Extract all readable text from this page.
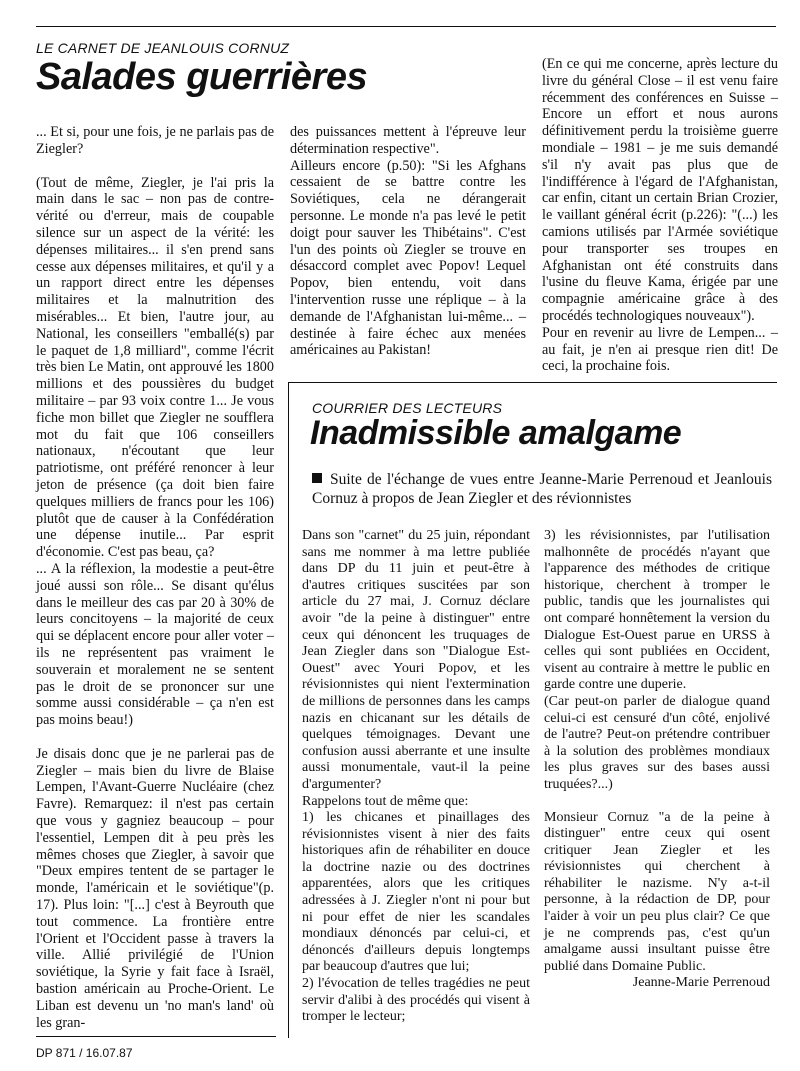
LE CARNET DE JEANLOUIS CORNUZ
Salades guerrières

... Et si, pour une fois, je ne parlais pas de Ziegler?

(Tout de même, Ziegler, je l'ai pris la main dans le sac – non pas de contre-vérité ou d'erreur, mais de coupable silence sur un aspect de la vérité: les dépenses militaires... il s'en prend sans cesse aux dépenses militaires, et qu'il y a un rapport direct entre les dépenses militaires et la malnutrition des misérables... Et bien, l'autre jour, au National, les conseillers "emballé(s) par le paquet de 1,8 milliard", comme l'écrit très bien Le Matin, ont approuvé les 1800 millions et des poussières du budget militaire – par 93 voix contre 1... Je vous fiche mon billet que Ziegler ne soufflera mot du fait que 106 conseillers nationaux, n'écoutant que leur patriotisme, ont préféré renoncer à leur jeton de présence (ça doit bien faire quelques milliers de francs pour les 106) plutôt que de causer à la Confédération une dépense inutile... Par esprit d'économie. C'est pas beau, ça?

... A la réflexion, la modestie a peut-être joué aussi son rôle... Se disant qu'élus dans le meilleur des cas par 20 à 30% de leurs concitoyens – la majorité de ceux qui se déplacent encore pour aller voter – ils ne représentent pas vraiment le souverain et moralement ne se sentent pas le droit de se prononcer sur une somme aussi considérable – ça n'en est pas moins beau!)

Je disais donc que je ne parlerai pas de Ziegler – mais bien du livre de Blaise Lempen, l'Avant-Guerre Nucléaire (chez Favre). Remarquez: il n'est pas certain que vous y gagniez beaucoup – pour l'essentiel, Lempen dit à peu près les mêmes choses que Ziegler, à savoir que "Deux empires tentent de se partager le monde, l'américain et le soviétique"(p. 17). Plus loin: "[...] c'est à Beyrouth que tout commence. La frontière entre l'Orient et l'Occident passe à travers la ville. Allié privilégié de l'Union soviétique, la Syrie y fait face à Israël, bastion américain au Proche-Orient. Le Liban est devenu un 'no man's land' où les gran-

des puissances mettent à l'épreuve leur détermination respective".

Ailleurs encore (p.50): "Si les Afghans cessaient de se battre contre les Soviétiques, cela ne dérangerait personne. Le monde n'a pas levé le petit doigt pour sauver les Thibétains". C'est l'un des points où Ziegler se trouve en désaccord complet avec Popov! Lequel Popov, bien entendu, voit dans l'intervention russe une réplique – à la demande de l'Afghanistan lui-même... – destinée à faire échec aux menées américaines au Pakistan!

(En ce qui me concerne, après lecture du livre du général Close – il est venu faire récemment des conférences en Suisse – Encore un effort et nous aurons définitivement perdu la troisième guerre mondiale – 1981 – je me suis demandé s'il n'y avait pas plus que de l'indifférence à l'égard de l'Afghanistan, car enfin, citant un certain Brian Crozier, le vaillant général écrit (p.226): "(...) les camions utilisés par l'Armée soviétique pour transporter ses troupes en Afghanistan ont été construits dans l'usine du fleuve Kama, érigée par une compagnie américaine grâce à des procédés technologiques nouveaux").

Pour en revenir au livre de Lempen... – au fait, je n'en ai presque rien dit! De ceci, la prochaine fois.

COURRIER DES LECTEURS
Inadmissible amalgame
Suite de l'échange de vues entre Jeanne-Marie Perrenoud et Jeanlouis Cornuz à propos de Jean Ziegler et des révionnistes

Dans son "carnet" du 25 juin, répondant sans me nommer à ma lettre publiée dans DP du 11 juin et peut-être à d'autres critiques suscitées par son article du 27 mai, J. Cornuz déclare avoir "de la peine à distinguer" entre ceux qui dénoncent les truquages de Jean Ziegler dans son "Dialogue Est-Ouest" avec Youri Popov, et les révisionnistes qui nient l'extermination de millions de personnes dans les camps nazis en chicanant sur les détails de quelques témoignages. Devant une confusion aussi aberrante et une insulte aussi monumentale, vaut-il la peine d'argumenter?

Rappelons tout de même que:

1) les chicanes et pinaillages des révisionnistes visent à nier des faits historiques afin de réhabiliter en douce la doctrine nazie ou des doctrines apparentées, alors que les critiques adressées à J. Ziegler n'ont ni pour but ni pour effet de nier les scandales mondiaux dénoncés par celui-ci, et dénoncés d'ailleurs depuis longtemps par beaucoup d'autres que lui;

2) l'évocation de telles tragédies ne peut servir d'alibi à des procédés qui visent à tromper le lecteur;

3) les révisionnistes, par l'utilisation malhonnête de procédés n'ayant que l'apparence des méthodes de critique historique, cherchent à tromper le public, tandis que les journalistes qui ont comparé honnêtement la version du Dialogue Est-Ouest parue en URSS à celles qui sont publiées en Occident, visent au contraire à mettre le public en garde contre une duperie.

(Car peut-on parler de dialogue quand celui-ci est censuré d'un côté, enjolivé de l'autre? Peut-on prétendre contribuer à la solution des problèmes mondiaux les plus graves sur des bases aussi truquées?...)

Monsieur Cornuz "a de la peine à distinguer" entre ceux qui osent critiquer Jean Ziegler et les révisionnistes qui cherchent à réhabiliter le nazisme. N'y a-t-il personne, à la rédaction de DP, pour l'aider à voir un peu plus clair? Ce que je ne comprends pas, c'est qu'un amalgame aussi insultant puisse être publié dans Domaine Public.

Jeanne-Marie Perrenoud

DP 871 / 16.07.87
